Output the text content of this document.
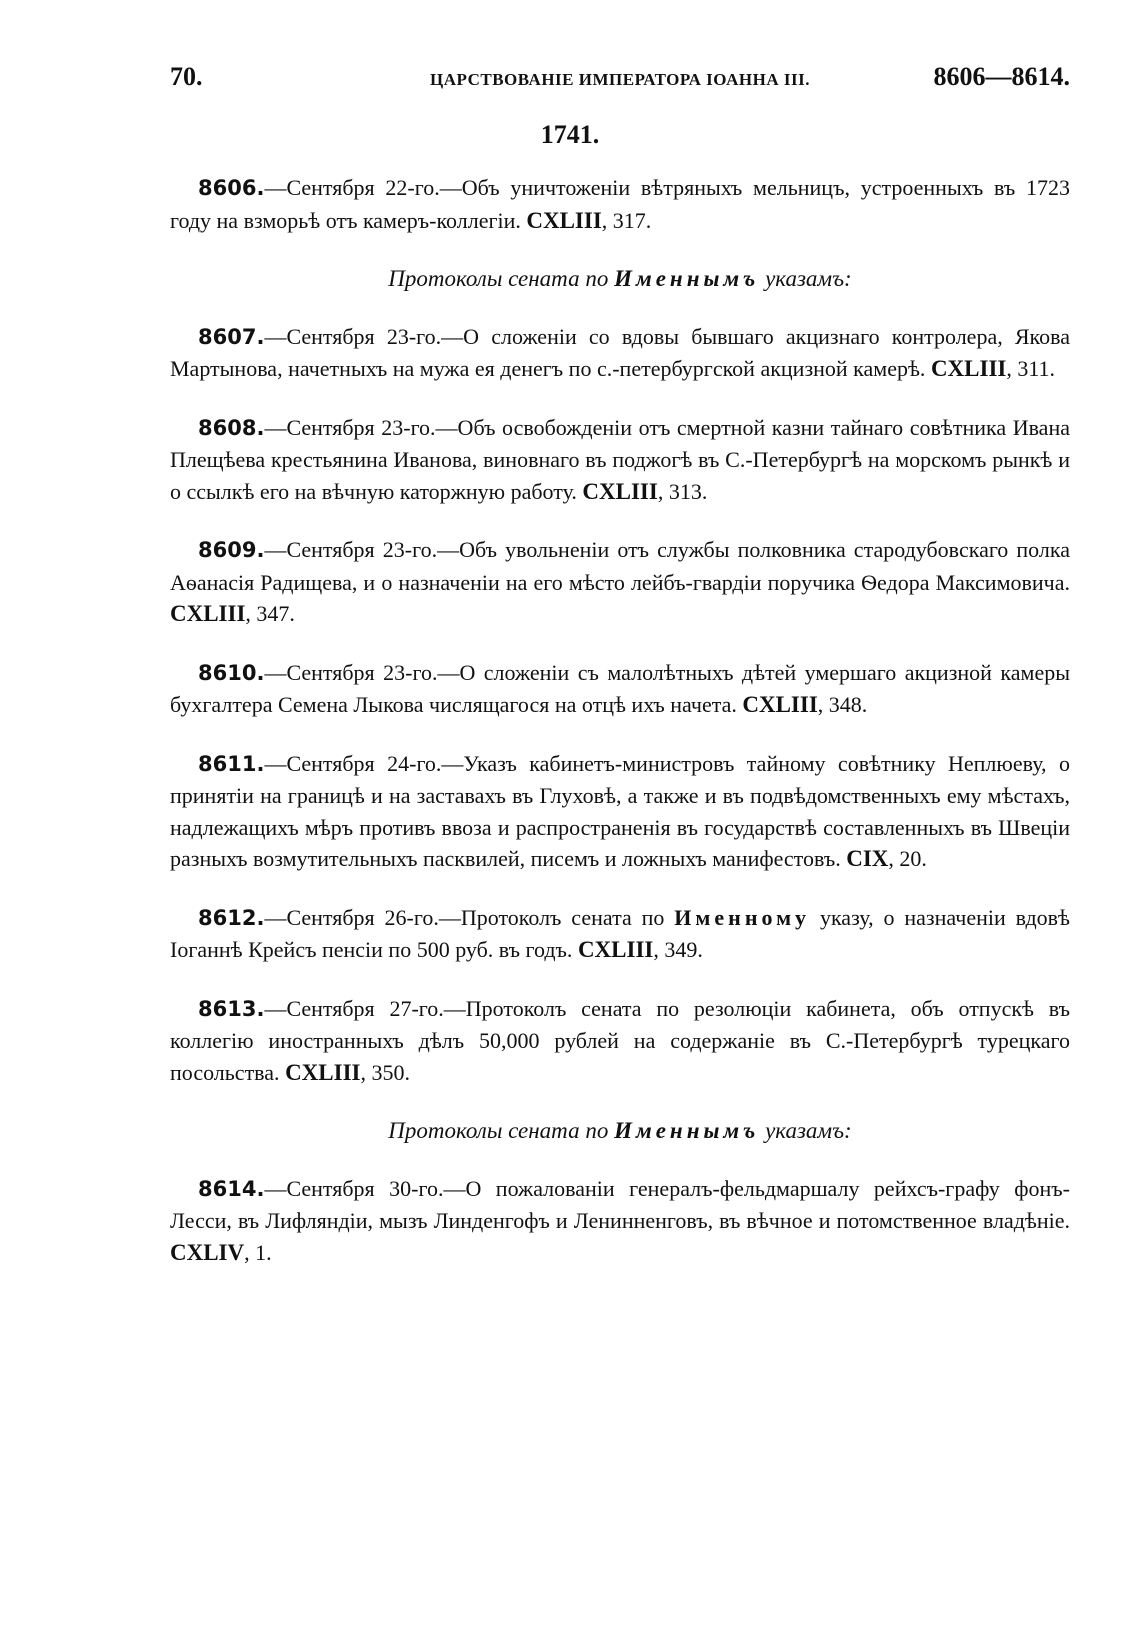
70.	ЦАРСТВОВАНІЕ ИМПЕРАТОРА ІОАННА III.	8606—8614.
1741.

8606.—Сентября 22-го.—Объ уничтоженіи вѣтряныхъ мельницъ, устроенныхъ въ 1723 году на взморьѣ отъ камеръ-коллегіи. CXLIII, 317.

Протоколы сената по Именнымъ указамъ:

8607.—Сентября 23-го.—О сложеніи со вдовы бывшаго акцизнаго контролера, Якова Мартынова, начетныхъ на мужа ея денегъ по с.-петербургской акцизной камерѣ. CXLIII, 311.

8608.—Сентября 23-го.—Объ освобожденіи отъ смертной казни тайнаго совѣтника Ивана Плещѣева крестьянина Иванова, виновнаго въ поджогѣ въ С.-Петербургѣ на морскомъ рынкѣ и о ссылкѣ его на вѣчную каторжную работу. CXLIII, 313.

8609.—Сентября 23-го.—Объ увольненіи отъ службы полковника стародубовскаго полка Аѳанасія Радищева, и о назначеніи на его мѣсто лейбъ-гвардіи поручика Ѳедора Максимовича. CXLIII, 347.

8610.—Сентября 23-го.—О сложеніи съ малолѣтныхъ дѣтей умершаго акцизной камеры бухгалтера Семена Лыкова числящагося на отцѣ ихъ начета. CXLIII, 348.

8611.—Сентября 24-го.—Указъ кабинетъ-министровъ тайному совѣтнику Неплюеву, о принятіи на границѣ и на заставахъ въ Глуховѣ, а также и въ подвѣдомственныхъ ему мѣстахъ, надлежащихъ мѣръ противъ ввоза и распространенія въ государствѣ составленныхъ въ Швеціи разныхъ возмутительныхъ пасквилей, писемъ и ложныхъ манифестовъ. CIX, 20.

8612.—Сентября 26-го.—Протоколъ сената по Именному указу, о назначеніи вдовѣ Іоганнѣ Крейсъ пенсіи по 500 руб. въ годъ. CXLIII, 349.

8613.—Сентября 27-го.—Протоколъ сената по резолюціи кабинета, объ отпускѣ въ коллегію иностранныхъ дѣлъ 50,000 рублей на содержаніе въ С.-Петербургѣ турецкаго посольства. CXLIII, 350.

Протоколы сената по Именнымъ указамъ:

8614.—Сентября 30-го.—О пожалованіи генералъ-фельдмаршалу рейхсъ-графу фонъ-Лесси, въ Лифляндіи, мызъ Линденгофъ и Ленинненговъ, въ вѣчное и потомственное владѣніе. CXLIV, 1.
